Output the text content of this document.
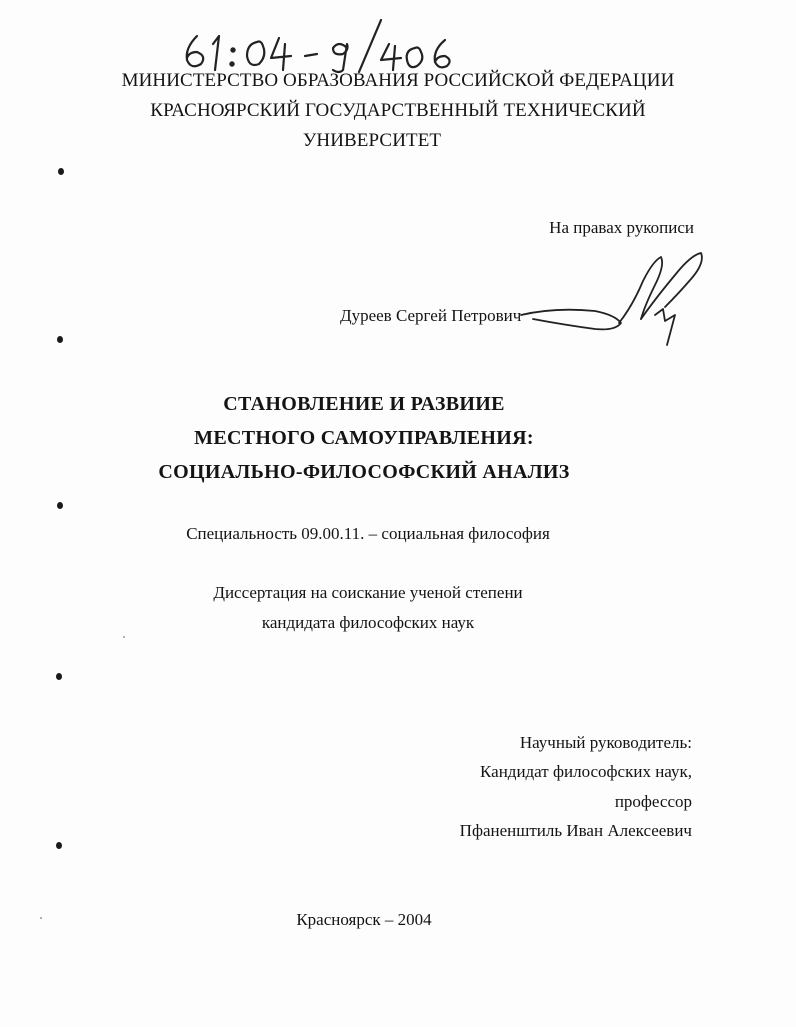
МИНИСТЕРСТВО ОБРАЗОВАНИЯ РОССИЙСКОЙ ФЕДЕРАЦИИ
КРАСНОЯРСКИЙ ГОСУДАРСТВЕННЫЙ ТЕХНИЧЕСКИЙ
УНИВЕРСИТЕТ
На правах рукописи
Дуреев Сергей Петрович
СТАНОВЛЕНИЕ И РАЗВИИЕ
МЕСТНОГО САМОУПРАВЛЕНИЯ:
СОЦИАЛЬНО-ФИЛОСОФСКИЙ АНАЛИЗ
Специальность 09.00.11. – социальная философия
Диссертация на соискание ученой степени
кандидата философских наук
Научный руководитель:
Кандидат философских наук,
профессор
Пфаненштиль Иван Алексеевич
Красноярск – 2004
